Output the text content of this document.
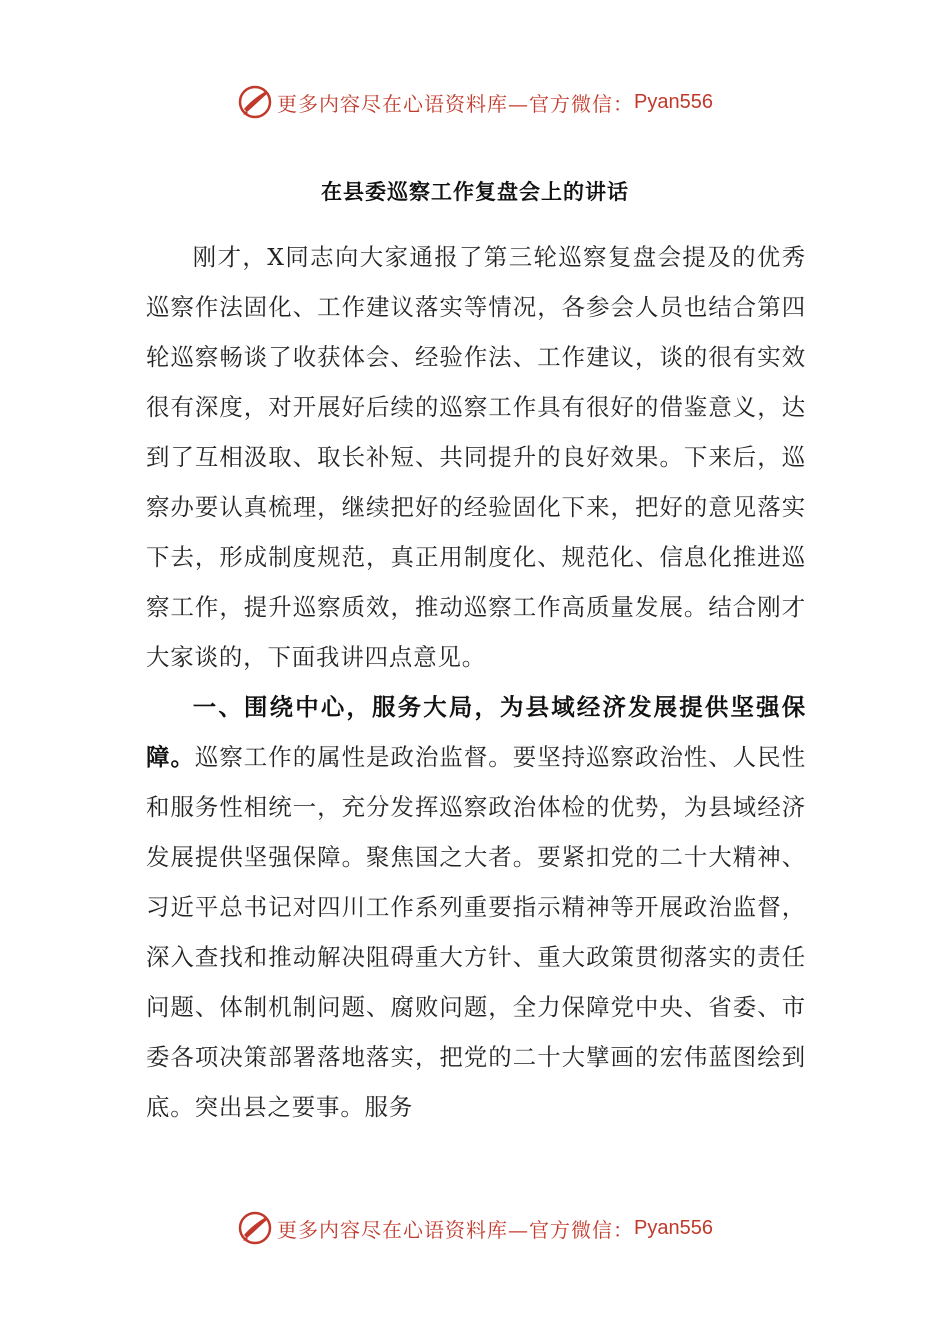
更多内容尽在心语资料库—官方微信： Pyan556
在县委巡察工作复盘会上的讲话

刚才，X同志向大家通报了第三轮巡察复盘会提及的优秀巡察作法固化、工作建议落实等情况，各参会人员也结合第四轮巡察畅谈了收获体会、经验作法、工作建议，谈的很有实效很有深度，对开展好后续的巡察工作具有很好的借鉴意义，达到了互相汲取、取长补短、共同提升的良好效果。下来后，巡察办要认真梳理，继续把好的经验固化下来，把好的意见落实下去，形成制度规范，真正用制度化、规范化、信息化推进巡察工作，提升巡察质效，推动巡察工作高质量发展。结合刚才大家谈的，下面我讲四点意见。

一、围绕中心，服务大局，为县域经济发展提供坚强保障。巡察工作的属性是政治监督。要坚持巡察政治性、人民性和服务性相统一，充分发挥巡察政治体检的优势，为县域经济发展提供坚强保障。聚焦国之大者。要紧扣党的二十大精神、习近平总书记对四川工作系列重要指示精神等开展政治监督，深入查找和推动解决阻碍重大方针、重大政策贯彻落实的责任问题、体制机制问题、腐败问题，全力保障党中央、省委、市委各项决策部署落地落实，把党的二十大擘画的宏伟蓝图绘到底。突出县之要事。服务

更多内容尽在心语资料库—官方微信： Pyan556
